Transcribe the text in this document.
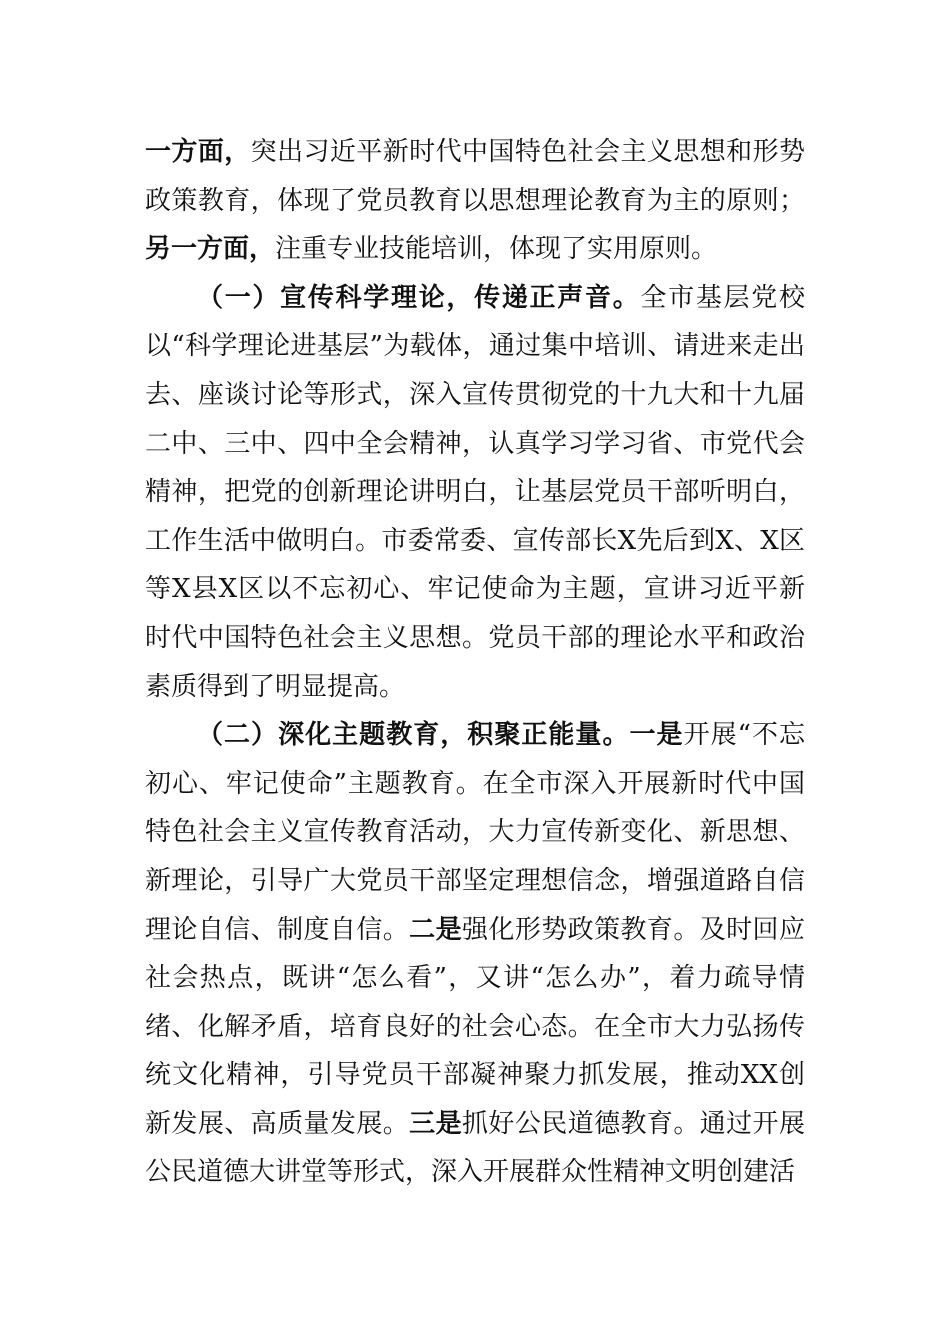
一方面，突出习近平新时代中国特色社会主义思想和形势政策教育，体现了党员教育以思想理论教育为主的原则；另一方面，注重专业技能培训，体现了实用原则。

（一）宣传科学理论，传递正声音。全市基层党校以“科学理论进基层”为载体，通过集中培训、请进来走出去、座谈讨论等形式，深入宣传贯彻党的十九大和十九届二中、三中、四中全会精神，认真学习学习省、市党代会精神，把党的创新理论讲明白，让基层党员干部听明白，工作生活中做明白。市委常委、宣传部长X先后到X、X区等X县X区以不忘初心、牢记使命为主题，宣讲习近平新时代中国特色社会主义思想。党员干部的理论水平和政治素质得到了明显提高。

（二）深化主题教育，积聚正能量。一是开展“不忘初心、牢记使命”主题教育。在全市深入开展新时代中国特色社会主义宣传教育活动，大力宣传新变化、新思想、新理论，引导广大党员干部坚定理想信念，增强道路自信理论自信、制度自信。二是强化形势政策教育。及时回应社会热点，既讲“怎么看”，又讲“怎么办”，着力疏导情绪、化解矛盾，培育良好的社会心态。在全市大力弘扬传统文化精神，引导党员干部凝神聚力抓发展，推动XX创新发展、高质量发展。三是抓好公民道德教育。通过开展公民道德大讲堂等形式，深入开展群众性精神文明创建活
